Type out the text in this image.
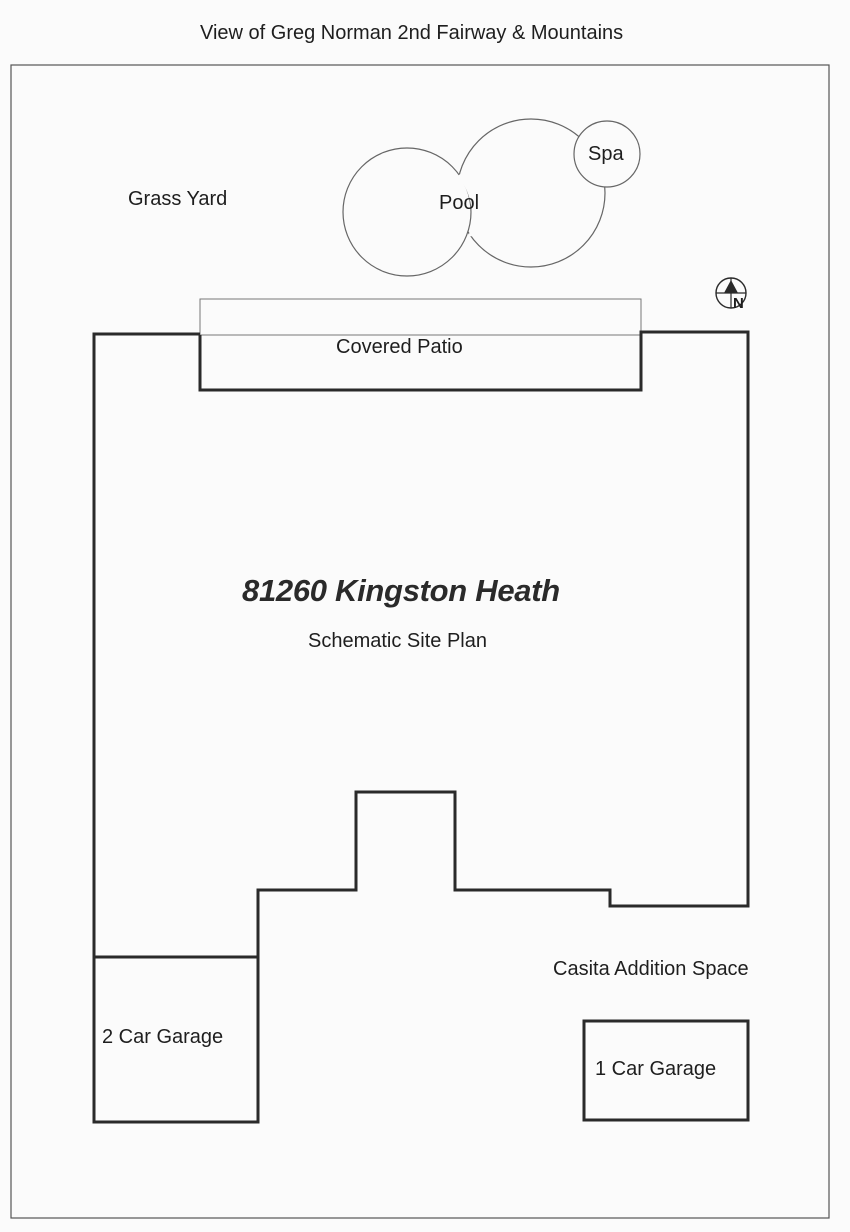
View of Greg Norman 2nd Fairway & Mountains
Grass Yard	Pool
Spa
Covered Patio
81260 Kingston Heath
Schematic Site Plan
Casita Addition Space
2 Car Garage
1 Car Garage
N
